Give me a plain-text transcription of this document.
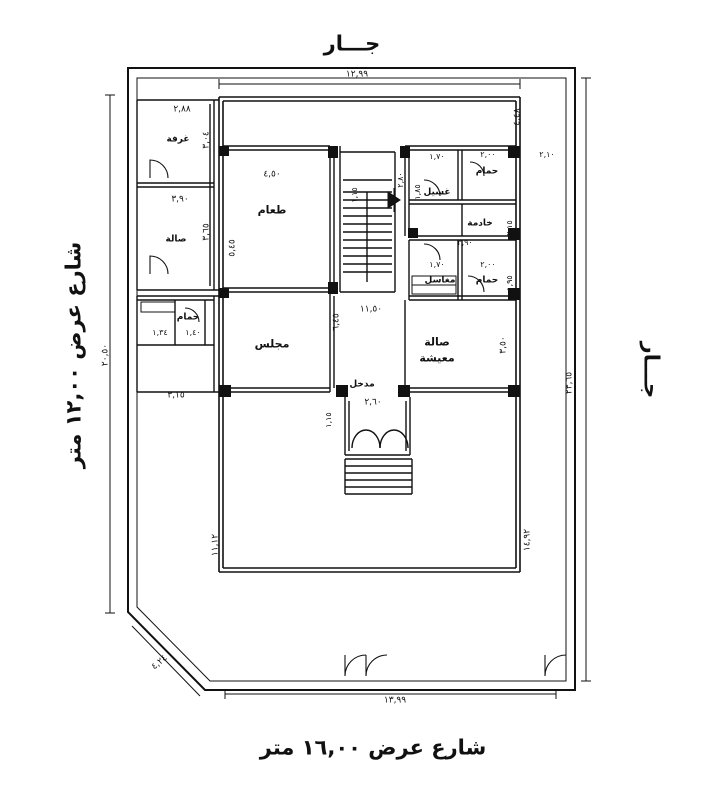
جـــار
جـــار
شارع عرض ١٢,٠٠ متر
شارع عرض ١٦,٠٠ متر
١٢,٩٩
١٣,٩٩
٢٣,٦٥
٢٠,٥٠
١١,١٢	١٤,٩٢
٤,٢٤
٢,٨٨
٣,٠٤
٣,٩٠
٣,٦٥
١,٣٤ ١,٤٠
٣,١٥
٤,٥٠
٥,٤٥
٦,٤٥
١١,٥٠
١,١٥
٢,٨٠
١,٨٥
١,٧٠	٢,٠٠	٢,١٠
٣,٩٠
٢,١٥
١,٧٠	٢,٠٠
١,٩٥
٣,٥٠
٢,٦٠
١,١٥
٤,٤٨
غرفة
صالة
طعام
مجلس
حمام
غسيل
حمام
خادمة
حمام
مغاسل
صالة
معيشة
مدخل
